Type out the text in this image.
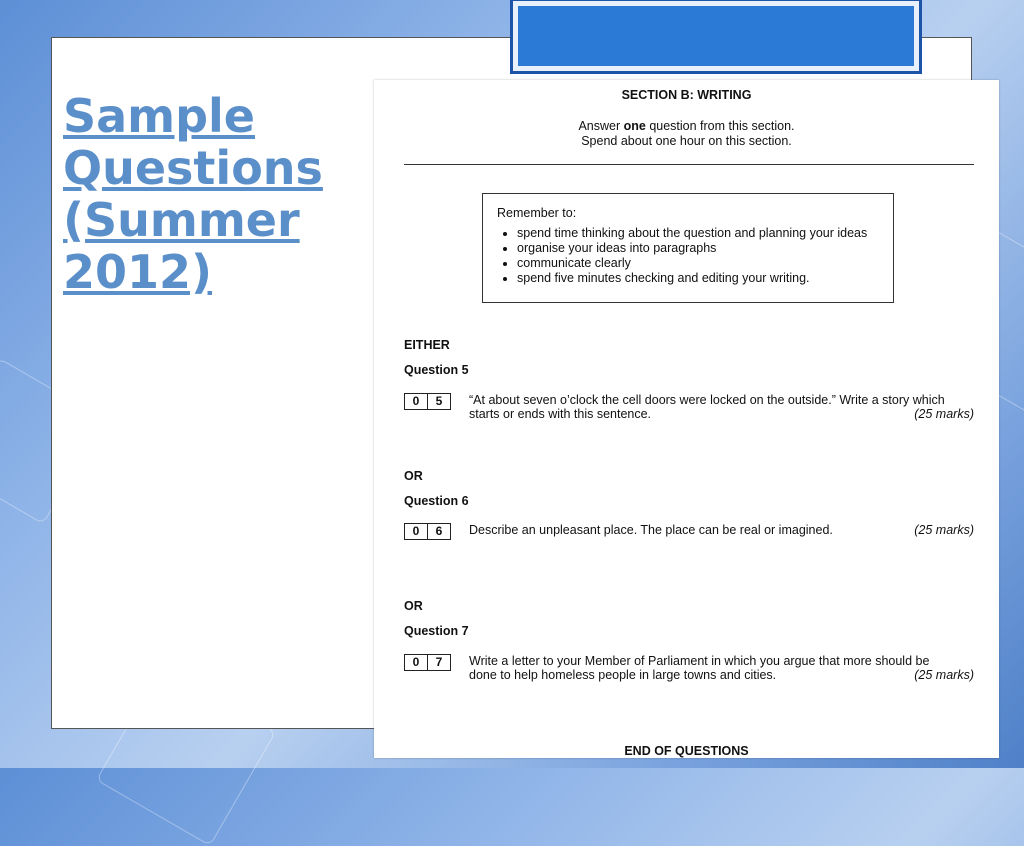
Sample
Questions
(Summer
2012)
SECTION B: WRITING
Answer one question from this section.
Spend about one hour on this section.
Remember to:
• spend time thinking about the question and planning your ideas
• organise your ideas into paragraphs
• communicate clearly
• spend five minutes checking and editing your writing.
EITHER
Question 5
0	5	“At about seven o’clock the cell doors were locked on the outside.” Write a story which
starts or ends with this sentence.	(25 marks)
OR
Question 6
0	6	Describe an unpleasant place. The place can be real or imagined.	(25 marks)
OR
Question 7
0	7	Write a letter to your Member of Parliament in which you argue that more should be
done to help homeless people in large towns and cities.	(25 marks)
END OF QUESTIONS
